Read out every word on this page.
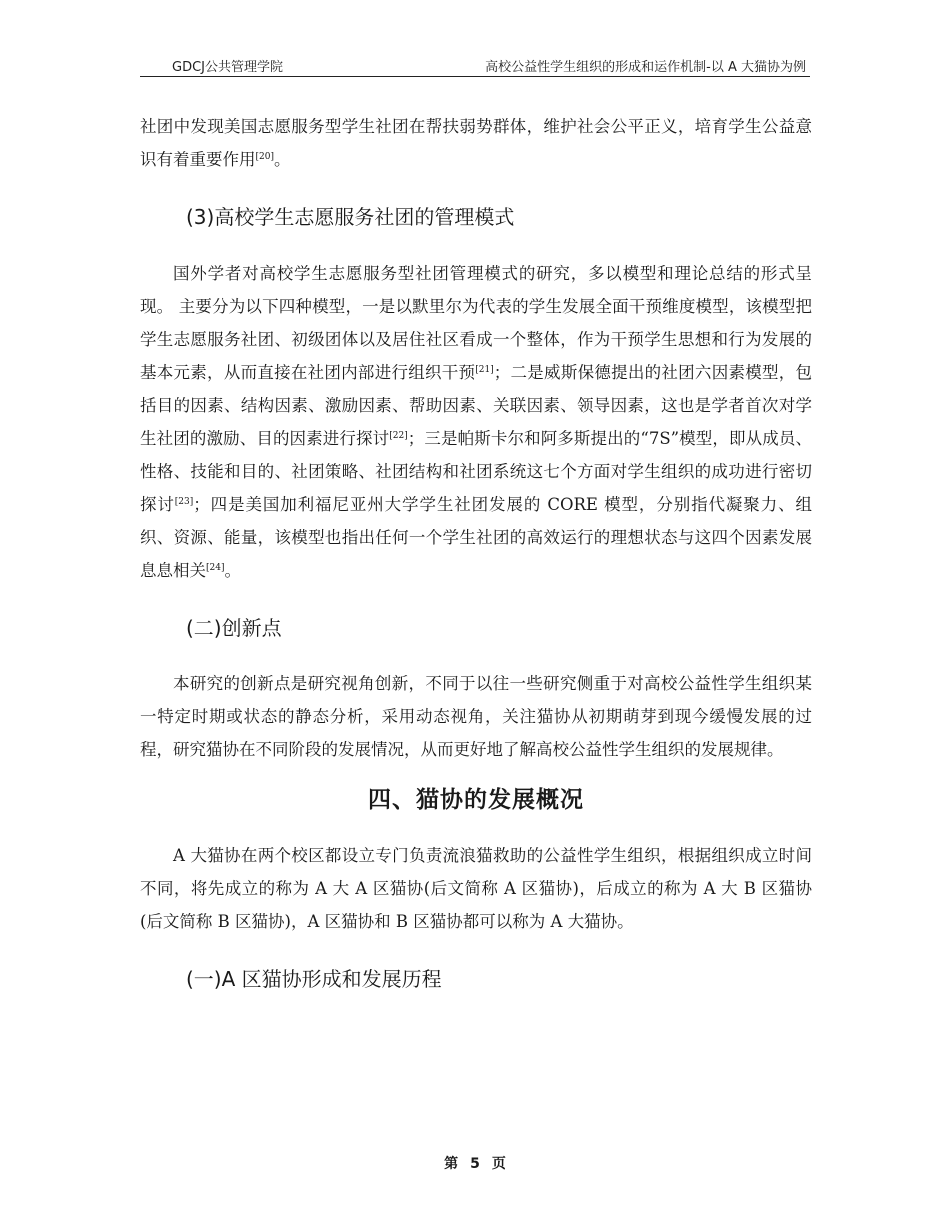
GDCJ公共管理学院	高校公益性学生组织的形成和运作机制-以 A 大猫协为例

社团中发现美国志愿服务型学生社团在帮扶弱势群体，维护社会公平正义，培育学生公益意识有着重要作用[20]。

(3)高校学生志愿服务社团的管理模式

国外学者对高校学生志愿服务型社团管理模式的研究，多以模型和理论总结的形式呈现。 主要分为以下四种模型，一是以默里尔为代表的学生发展全面干预维度模型，该模型把学生志愿服务社团、初级团体以及居住社区看成一个整体，作为干预学生思想和行为发展的基本元素，从而直接在社团内部进行组织干预[21]；二是威斯保德提出的社团六因素模型，包括目的因素、结构因素、激励因素、帮助因素、关联因素、领导因素，这也是学者首次对学生社团的激励、目的因素进行探讨[22]；三是帕斯卡尔和阿多斯提出的“7S”模型，即从成员、 性格、技能和目的、社团策略、社团结构和社团系统这七个方面对学生组织的成功进行密切探讨[23]；四是美国加利福尼亚州大学学生社团发展的 CORE 模型，分别指代凝聚力、组织、资源、能量，该模型也指出任何一个学生社团的高效运行的理想状态与这四个因素发展息息相关[24]。

(二)创新点

本研究的创新点是研究视角创新，不同于以往一些研究侧重于对高校公益性学生组织某一特定时期或状态的静态分析，采用动态视角，关注猫协从初期萌芽到现今缓慢发展的过程，研究猫协在不同阶段的发展情况，从而更好地了解高校公益性学生组织的发展规律。

四、猫协的发展概况

A 大猫协在两个校区都设立专门负责流浪猫救助的公益性学生组织，根据组织成立时间不同，将先成立的称为 A 大 A 区猫协(后文简称 A 区猫协)，后成立的称为 A 大 B 区猫协(后文简称 B 区猫协)，A 区猫协和 B 区猫协都可以称为 A 大猫协。

(一)A 区猫协形成和发展历程
第 5 页
